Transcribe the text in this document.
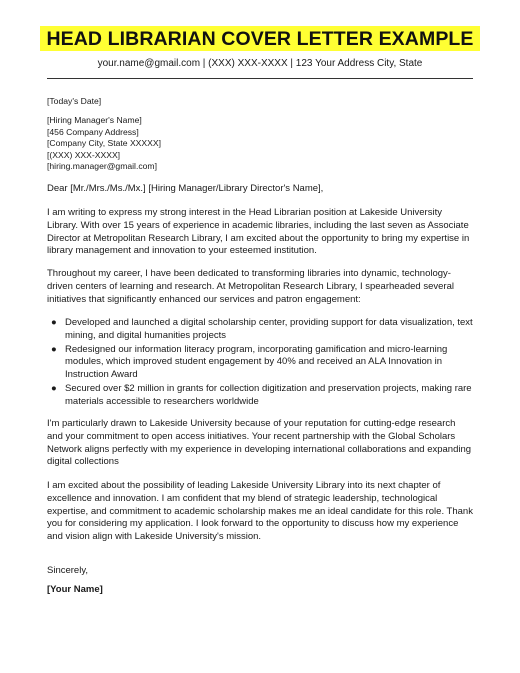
HEAD LIBRARIAN COVER LETTER EXAMPLE
your.name@gmail.com | (XXX) XXX-XXXX | 123 Your Address City, State
[Today's Date]
[Hiring Manager's Name]
[456 Company Address]
[Company City, State XXXXX]
[(XXX) XXX-XXXX]
[hiring.manager@gmail.com]
Dear [Mr./Mrs./Ms./Mx.] [Hiring Manager/Library Director's Name],
I am writing to express my strong interest in the Head Librarian position at Lakeside University Library. With over 15 years of experience in academic libraries, including the last seven as Associate Director at Metropolitan Research Library, I am excited about the opportunity to bring my expertise in library management and innovation to your esteemed institution.
Throughout my career, I have been dedicated to transforming libraries into dynamic, technology-driven centers of learning and research. At Metropolitan Research Library, I spearheaded several initiatives that significantly enhanced our services and patron engagement:
● Developed and launched a digital scholarship center, providing support for data visualization, text mining, and digital humanities projects
● Redesigned our information literacy program, incorporating gamification and micro-learning modules, which improved student engagement by 40% and received an ALA Innovation in Instruction Award
● Secured over $2 million in grants for collection digitization and preservation projects, making rare materials accessible to researchers worldwide
I'm particularly drawn to Lakeside University because of your reputation for cutting-edge research and your commitment to open access initiatives. Your recent partnership with the Global Scholars Network aligns perfectly with my experience in developing international collaborations and expanding digital collections
I am excited about the possibility of leading Lakeside University Library into its next chapter of excellence and innovation. I am confident that my blend of strategic leadership, technological expertise, and commitment to academic scholarship makes me an ideal candidate for this role. Thank you for considering my application. I look forward to the opportunity to discuss how my experience and vision align with Lakeside University's mission.
Sincerely,
[Your Name]
